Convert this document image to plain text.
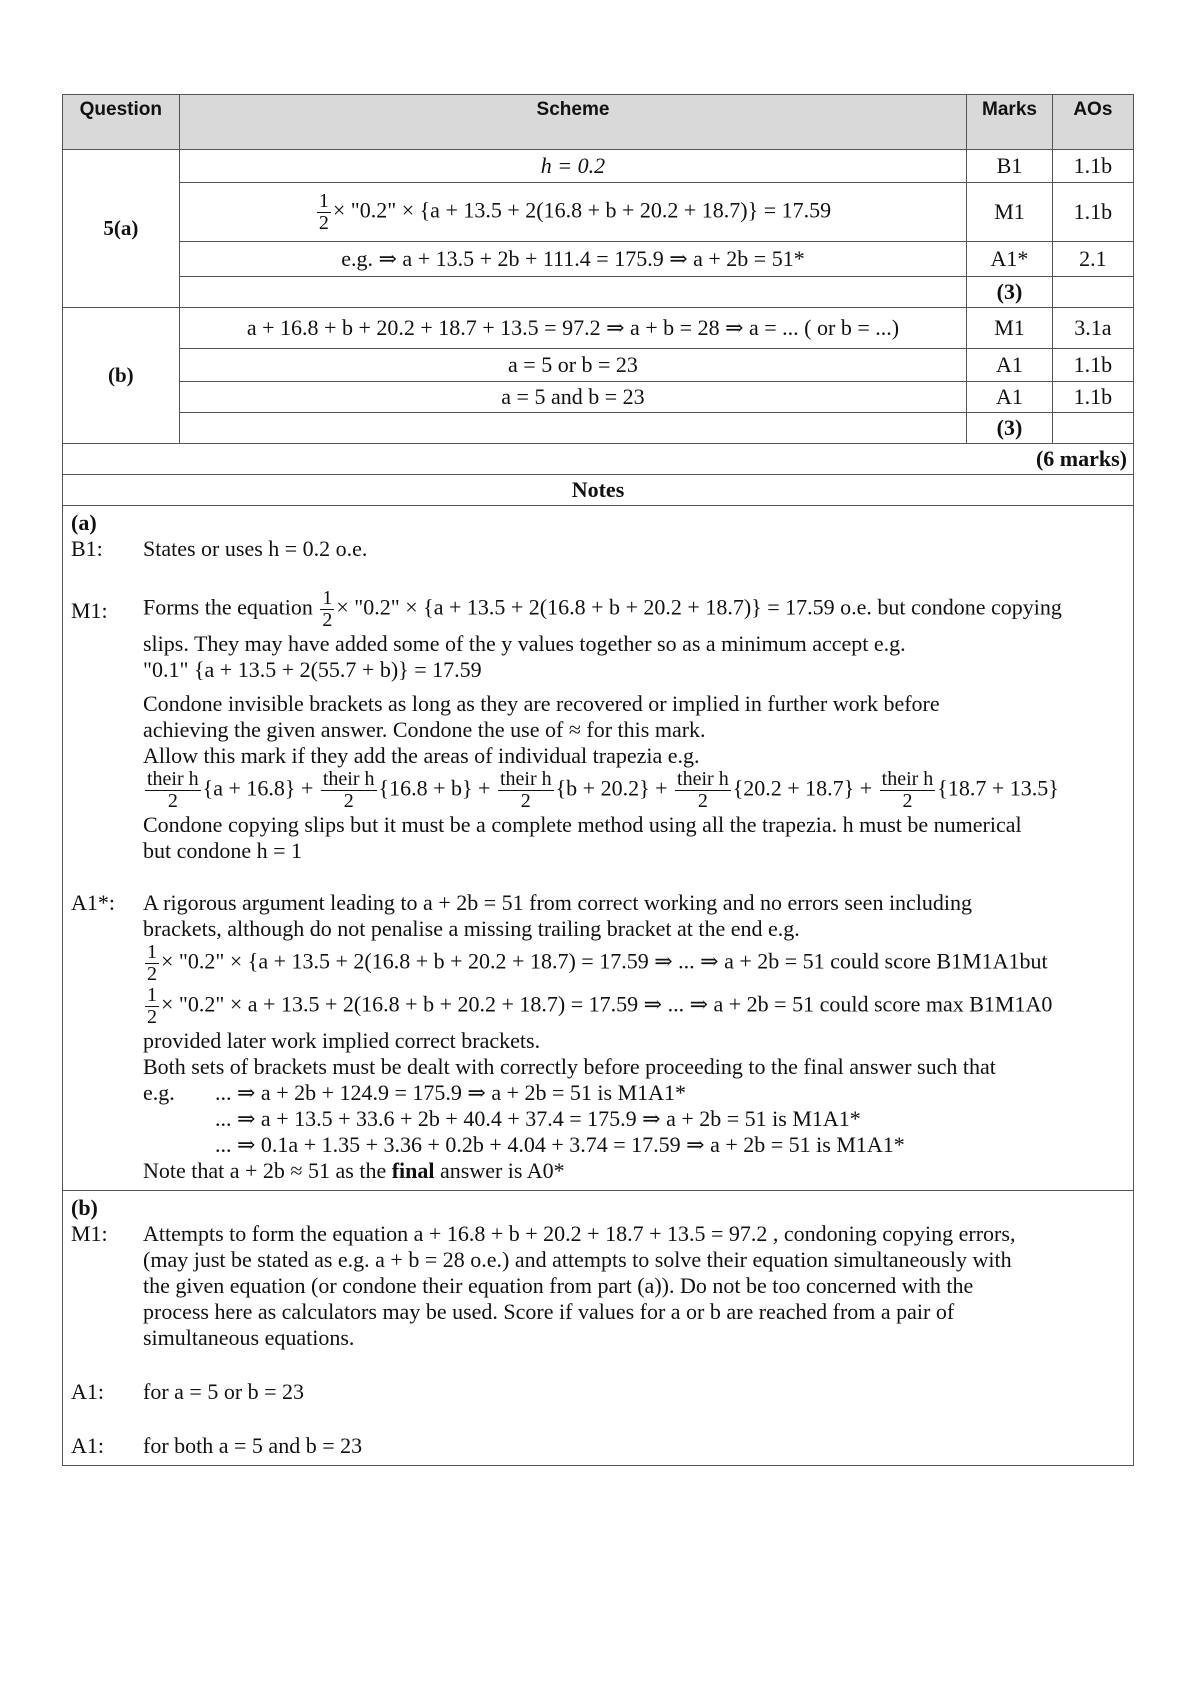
Question	Scheme	Marks	AOs
5(a)	h = 0.2	B1	1.1b

	$\frac{1}{2}$ × "0.2" × {a + 13.5 + 2(16.8 + b + 20.2 + 18.7)} = 17.59	M1	1.1b
	e.g. ⇒ a + 13.5 + 2b + 111.4 = 175.9 ⇒ a + 2b = 51*	A1*	2.1
		(3)	
(b)	a + 16.8 + b + 20.2 + 18.7 + 13.5 = 97.2 ⇒ a + b = 28 ⇒ a = ... ( or b = ...)	M1	3.1a
	a = 5 or b = 23	A1	1.1b
	a = 5 and b = 23	A1	1.1b
		(3)	
(6 marks)			
Notes			
(a)
B1:	States or uses h = 0.2 o.e.
M1:	Forms the equation $\frac{1}{2}$ × "0.2" × {a + 13.5 + 2(16.8 + b + 20.2 + 18.7)} = 17.59 o.e. but condone copying
slips. They may have added some of the y values together so as a minimum accept e.g.
"0.1" {a + 13.5 + 2(55.7 + b)} = 17.59
Condone invisible brackets as long as they are recovered or implied in further work before
achieving the given answer. Condone the use of ≈ for this mark.
Allow this mark if they add the areas of individual trapezia e.g.
$\frac{\text{their h}}{2} \{a + 16.8\} + \frac{\text{their h}}{2} \{16.8 + b\} + \frac{\text{their h}}{2} \{b + 20.2\} + \frac{\text{their h}}{2} \{20.2 + 18.7\} + \frac{\text{their h}}{2} \{18.7 + 13.5\}$
Condone copying slips but it must be a complete method using all the trapezia. h must be numerical
but condone h = 1
A1*:	A rigorous argument leading to a + 2b = 51 from correct working and no errors seen including
brackets, although do not penalise a missing trailing bracket at the end e.g.
$\frac{1}{2}$ × "0.2" × {a + 13.5 + 2(16.8 + b + 20.2 + 18.7) = 17.59 ⇒ ... ⇒ a + 2b = 51 could score B1M1A1but
$\frac{1}{2}$ × "0.2" × a + 13.5 + 2(16.8 + b + 20.2 + 18.7) = 17.59 ⇒ ... ⇒ a + 2b = 51 could score max B1M1A0
provided later work implied correct brackets.
Both sets of brackets must be dealt with correctly before proceeding to the final answer such that
e.g.	... ⇒ a + 2b + 124.9 = 175.9 ⇒ a + 2b = 51 is M1A1*
... ⇒ a + 13.5 + 33.6 + 2b + 40.4 + 37.4 = 175.9 ⇒ a + 2b = 51 is M1A1*
... ⇒ 0.1a + 1.35 + 3.36 + 0.2b + 4.04 + 3.74 = 17.59 ⇒ a + 2b = 51 is M1A1*
Note that a + 2b ≈ 51 as the final answer is A0*
(b)
M1:	Attempts to form the equation a + 16.8 + b + 20.2 + 18.7 + 13.5 = 97.2 , condoning copying errors,
(may just be stated as e.g. a + b = 28 o.e.) and attempts to solve their equation simultaneously with
the given equation (or condone their equation from part (a)). Do not be too concerned with the
process here as calculators may be used. Score if values for a or b are reached from a pair of
simultaneous equations.
A1:	for a = 5 or b = 23
A1:	for both a = 5 and b = 23
